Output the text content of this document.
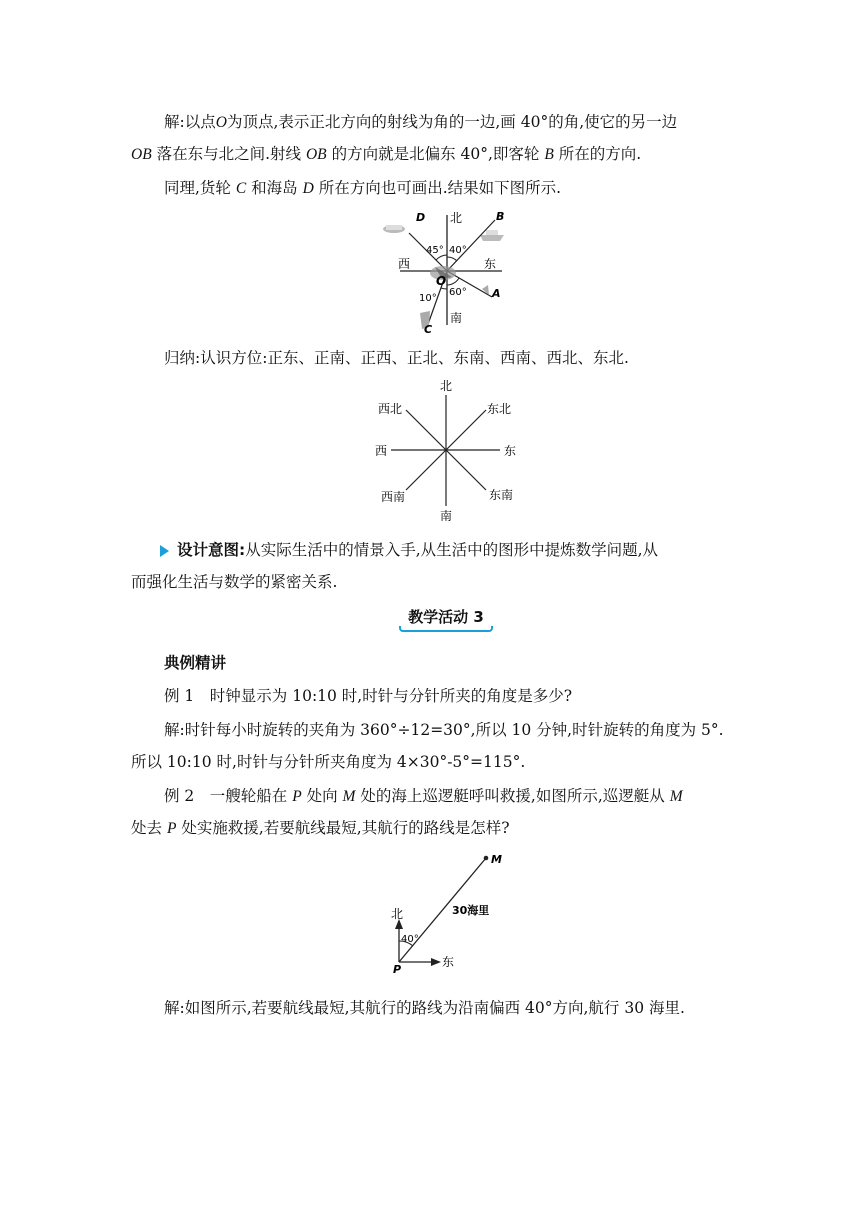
解:以点O为顶点,表示正北方向的射线为角的一边,画 40°的角,使它的另一边
OB 落在东与北之间.射线 OB 的方向就是北偏东 40°,即客轮 B 所在的方向.
同理,货轮 C 和海岛 D 所在方向也可画出.结果如下图所示.
北
南
东
西
O
A
B
C
D
45° 40°
60°
10°
归纳:认识方位:正东、正南、正西、正北、东南、西南、西北、东北.
北
南
东
西
东北
西北
东南
西南
设计意图:从实际生活中的情景入手,从生活中的图形中提炼数学问题,从
而强化生活与数学的紧密关系.
教学活动 3
典例精讲
例 1　时钟显示为 10:10 时,时针与分针所夹的角度是多少?
解:时针每小时旋转的夹角为 360°÷12=30°,所以 10 分钟,时针旋转的角度为 5°.
所以 10:10 时,时针与分针所夹角度为 4×30°-5°=115°.
例 2　一艘轮船在 P 处向 M 处的海上巡逻艇呼叫救援,如图所示,巡逻艇从 M
处去 P 处实施救援,若要航线最短,其航行的路线是怎样?
M
P
北
东
30海里
40°
解:如图所示,若要航线最短,其航行的路线为沿南偏西 40°方向,航行 30 海里.
